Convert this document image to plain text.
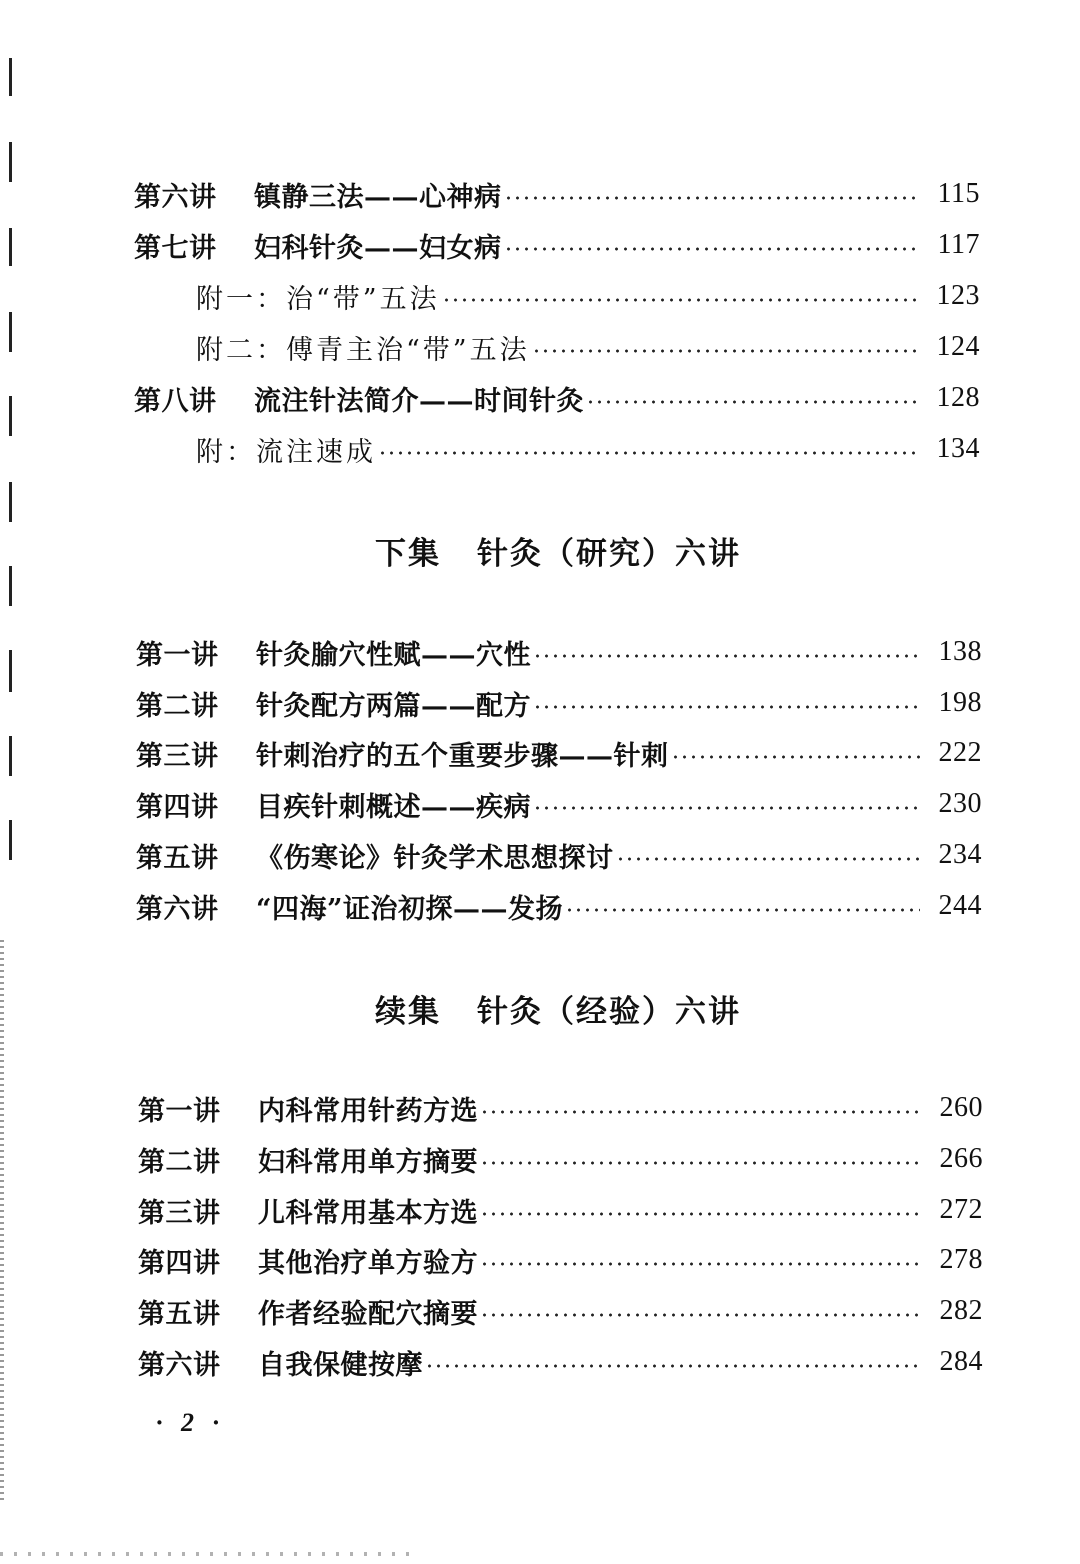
第六讲	镇静三法——心神病	115
第七讲	妇科针灸——妇女病	117
附一：治“带”五法	123
附二：傅青主治“带”五法	124
第八讲	流注针法简介——时间针灸	128
附：流注速成	134
下集 针灸（研究）六讲
第一讲	针灸腧穴性赋——穴性	138
第二讲	针灸配方两篇——配方	198
第三讲	针刺治疗的五个重要步骤——针刺	222
第四讲	目疾针刺概述——疾病	230
第五讲	《伤寒论》针灸学术思想探讨	234
第六讲	“四海”证治初探——发扬	244
续集 针灸（经验）六讲
第一讲	内科常用针药方选	260
第二讲	妇科常用单方摘要	266
第三讲	儿科常用基本方选	272
第四讲	其他治疗单方验方	278
第五讲	作者经验配穴摘要	282
第六讲	自我保健按摩	284
· 2 ·
